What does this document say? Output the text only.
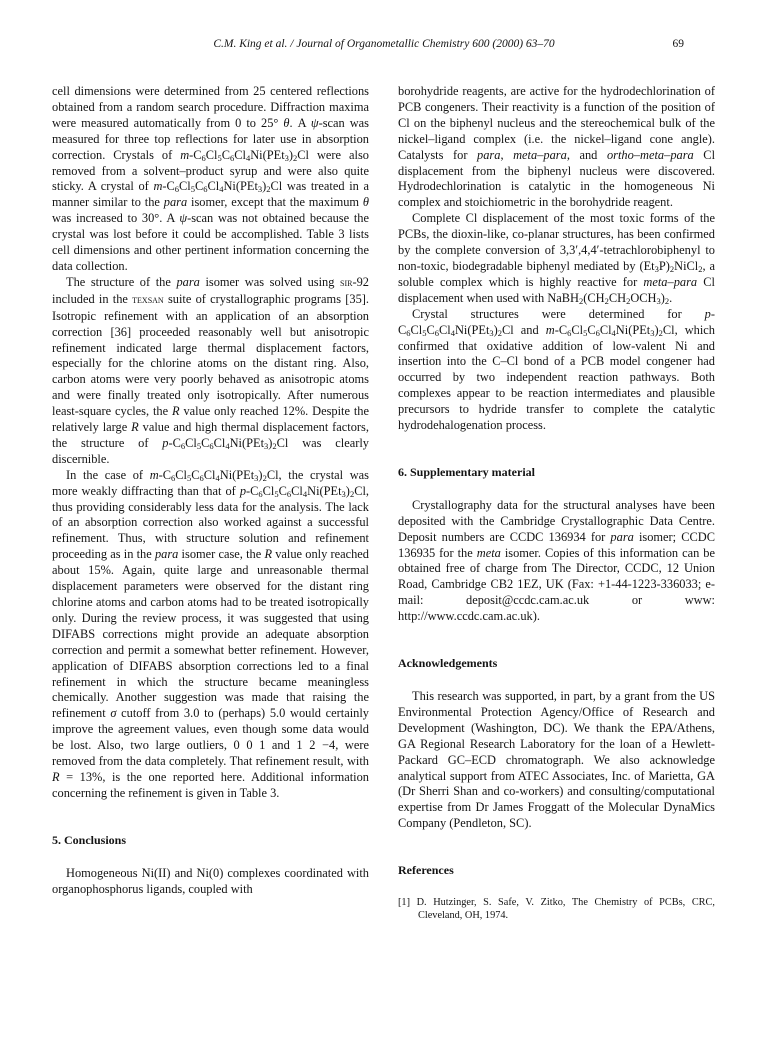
C.M. King et al. / Journal of Organometallic Chemistry 600 (2000) 63–70	69

cell dimensions were determined from 25 centered reflections obtained from a random search procedure. Diffraction maxima were measured automatically from 0 to 25° θ. A ψ-scan was measured for three top reflections for later use in absorption correction. Crystals of $m-C_6Cl_5C_6Cl_4Ni(PEt_3)_2Cl$ were also removed from a solvent–product syrup and were also quite sticky. A crystal of $m-C_6Cl_5C_6Cl_4Ni(PEt_3)_2Cl$ was treated in a manner similar to the para isomer, except that the maximum θ was increased to 30°. A ψ-scan was not obtained because the crystal was lost before it could be accomplished. Table 3 lists cell dimensions and other pertinent information concerning the data collection.

The structure of the para isomer was solved using sir-92 included in the texsan suite of crystallographic programs [35]. Isotropic refinement with an application of an absorption correction [36] proceeded reasonably well but anisotropic refinement indicated large thermal displacement factors, especially for the chlorine atoms on the distant ring. Also, carbon atoms were very poorly behaved as anisotropic atoms and were finally treated only isotropically. After numerous least-square cycles, the R value only reached 12%. Despite the relatively large R value and high thermal displacement factors, the structure of $p-C_6Cl_5C_6Cl_4Ni(PEt_3)_2Cl$ was clearly discernible.

In the case of $m-C_6Cl_5C_6Cl_4Ni(PEt_3)_2Cl$, the crystal was more weakly diffracting than that of $p-C_6Cl_5C_6Cl_4Ni(PEt_3)_2Cl$, thus providing considerably less data for the analysis. The lack of an absorption correction also worked against a successful refinement. Thus, with structure solution and refinement proceeding as in the para isomer case, the R value only reached about 15%. Again, quite large and unreasonable thermal displacement parameters were observed for the distant ring chlorine atoms and carbon atoms had to be treated isotropically only. During the review process, it was suggested that using DIFABS corrections might provide an adequate absorption correction and permit a somewhat better refinement. However, application of DIFABS absorption corrections led to a final refinement in which the structure became meaningless chemically. Another suggestion was made that raising the refinement σ cutoff from 3.0 to (perhaps) 5.0 would certainly improve the agreement values, even though some data would be lost. Also, two large outliers, 0 0 1 and 1 2 −4, were removed from the data completely. That refinement result, with R = 13%, is the one reported here. Additional information concerning the refinement is given in Table 3.

5. Conclusions

Homogeneous Ni(II) and Ni(0) complexes coordinated with organophosphorus ligands, coupled with

borohydride reagents, are active for the hydrodechlorination of PCB congeners. Their reactivity is a function of the position of Cl on the biphenyl nucleus and the stereochemical bulk of the nickel–ligand complex (i.e. the nickel–ligand cone angle). Catalysts for para, meta–para, and ortho–meta–para Cl displacement from the biphenyl nucleus were discovered. Hydrodechlorination is catalytic in the homogeneous Ni complex and stoichiometric in the borohydride reagent.

Complete Cl displacement of the most toxic forms of the PCBs, the dioxin-like, co-planar structures, has been confirmed by the complete conversion of 3,3′,4,4′-tetrachlorobiphenyl to non-toxic, biodegradable biphenyl mediated by $(Et_3P)_2NiCl_2$, a soluble complex which is highly reactive for meta–para Cl displacement when used with $NaBH_2(CH_2CH_2OCH_3)_2$.

Crystal structures were determined for $p-C_6Cl_5C_6Cl_4Ni(PEt_3)_2Cl$ and $m-C_6Cl_5C_6Cl_4Ni(PEt_3)_2Cl$, which confirmed that oxidative addition of low-valent Ni and insertion into the C–Cl bond of a PCB model congener had occurred by two independent reaction pathways. Both complexes appear to be reaction intermediates and plausible precursors to hydride transfer to complete the catalytic hydrodehalogenation process.

6. Supplementary material

Crystallography data for the structural analyses have been deposited with the Cambridge Crystallographic Data Centre. Deposit numbers are CCDC 136934 for para isomer; CCDC 136935 for the meta isomer. Copies of this information can be obtained free of charge from The Director, CCDC, 12 Union Road, Cambridge CB2 1EZ, UK (Fax: +1-44-1223-336033; e-mail: deposit@ccdc.cam.ac.uk or www: http://www.ccdc.cam.ac.uk).

Acknowledgements

This research was supported, in part, by a grant from the US Environmental Protection Agency/Office of Research and Development (Washington, DC). We thank the EPA/Athens, GA Regional Research Laboratory for the loan of a Hewlett-Packard GC–ECD chromatograph. We also acknowledge analytical support from ATEC Associates, Inc. of Marietta, GA (Dr Sherri Shan and co-workers) and consulting/computational expertise from Dr James Froggatt of the Molecular DynaMics Company (Pendleton, SC).

References

[1] D. Hutzinger, S. Safe, V. Zitko, The Chemistry of PCBs, CRC, Cleveland, OH, 1974.
